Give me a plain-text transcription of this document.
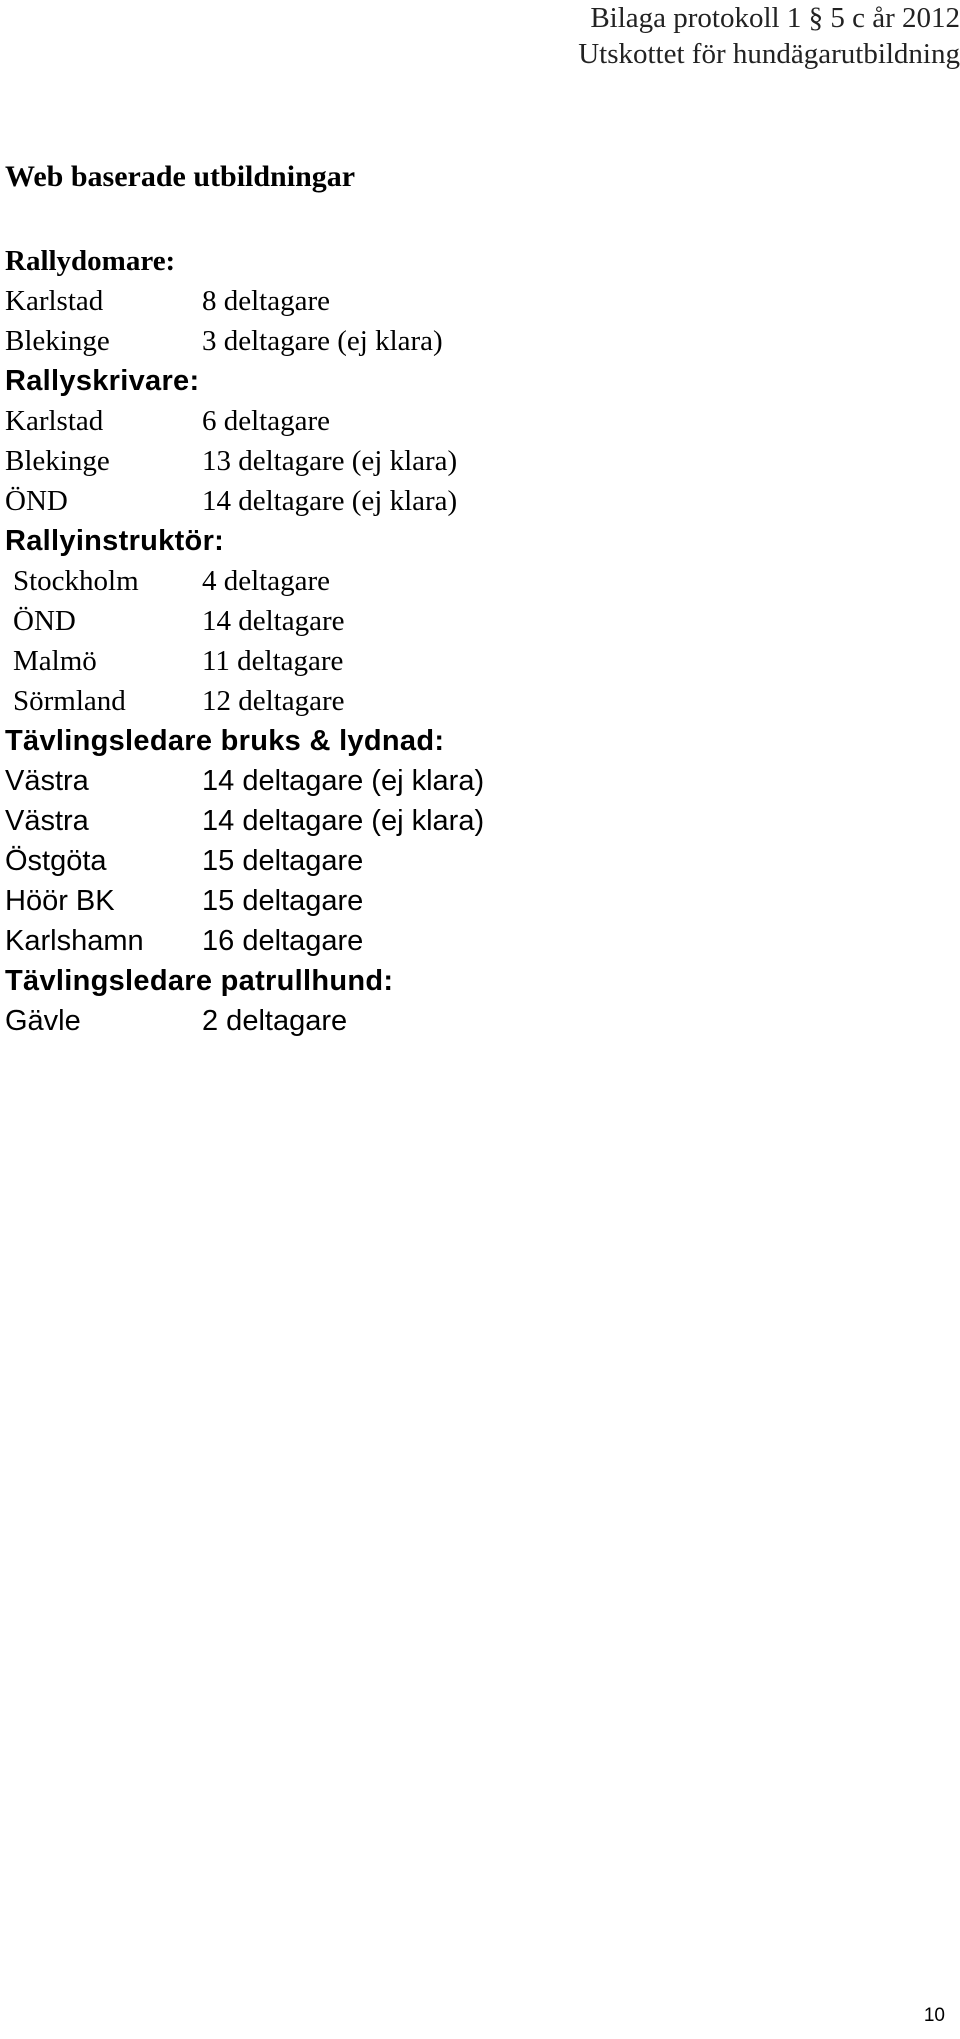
Bilaga protokoll 1 § 5 c år 2012
Utskottet för hundägarutbildning
Web baserade utbildningar
Rallydomare:
Karlstad	8 deltagare
Blekinge	3 deltagare (ej klara)
Rallyskrivare:
Karlstad	6 deltagare
Blekinge	13 deltagare (ej klara)
ÖND	14 deltagare (ej klara)
Rallyinstruktör:
Stockholm 4 deltagare
ÖND	14 deltagare
Malmö	11 deltagare
Sörmland	12 deltagare
Tävlingsledare bruks & lydnad:
Västra	14 deltagare (ej klara)
Västra	14 deltagare (ej klara)
Östgöta	15 deltagare
Höör BK	15 deltagare
Karlshamn 16 deltagare
Tävlingsledare patrullhund:
Gävle	2 deltagare
10
